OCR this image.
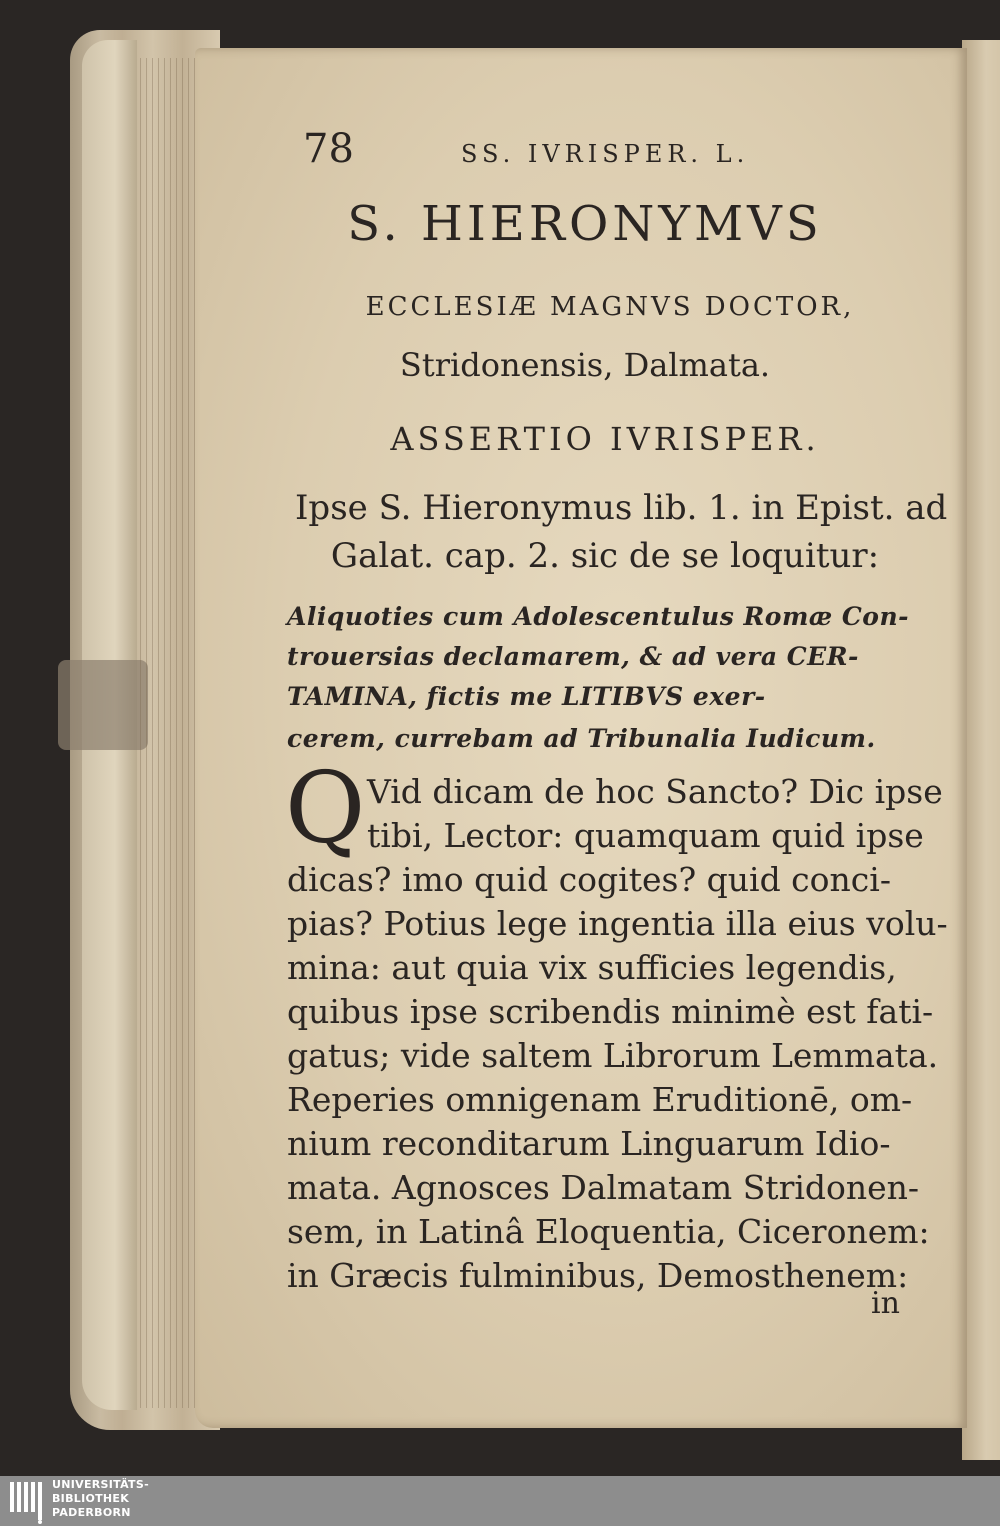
78	SS. IVRISPER. L.
S. HIERONYMVS
ECCLESIÆ MAGNVS DOCTOR,
Stridonensis, Dalmata.
ASSERTIO IVRISPER.
Ipse S. Hieronymus lib. 1. in Epist. ad
Galat. cap. 2. sic de se loquitur:
Aliquoties cum Adolescentulus Romæ Con-
trouersias declamarem, & ad vera CER-
TAMINA, fictis me LITIBVS exer-
cerem, currebam ad Tribunalia Iudicum.
Q Vid dicam de hoc Sancto? Dic ipse
tibi, Lector: quamquam quid ipse
dicas? imo quid cogites? quid conci-
pias? Potius lege ingentia illa eius volu-
mina: aut quia vix sufficies legendis,
quibus ipse scribendis minimè est fati-
gatus; vide saltem Librorum Lemmata.
Reperies omnigenam Eruditionē, om-
nium reconditarum Linguarum Idio-
mata. Agnosces Dalmatam Stridonen-
sem, in Latinâ Eloquentia, Ciceronem:
in Græcis fulminibus, Demosthenem:
in
UNIVERSITÄTS-
BIBLIOTHEK
PADERBORN
